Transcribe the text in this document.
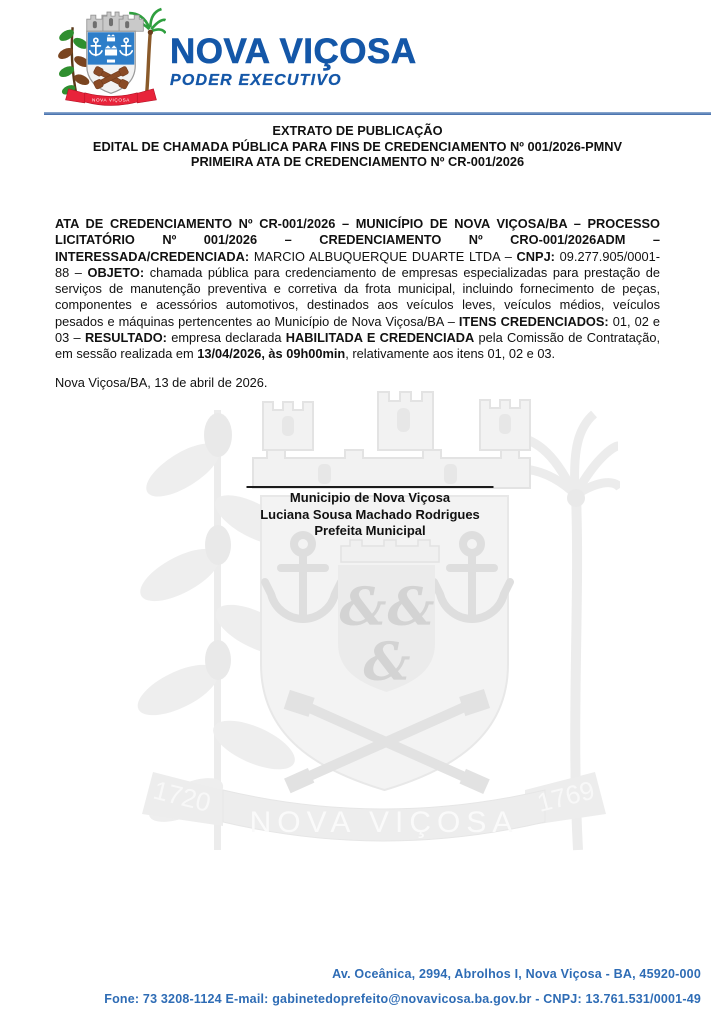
& &
&
NOVA VIÇOSA
1720	1769
NOVA VIÇOSA
NOVA VIÇOSA
PODER EXECUTIVO
EXTRATO DE PUBLICAÇÃO
EDITAL DE CHAMADA PÚBLICA PARA FINS DE CREDENCIAMENTO Nº 001/2026-PMNV
PRIMEIRA ATA DE CREDENCIAMENTO Nº CR-001/2026

ATA DE CREDENCIAMENTO Nº CR-001/2026 – MUNICÍPIO DE NOVA VIÇOSA/BA – PROCESSO LICITATÓRIO Nº 001/2026 – CREDENCIAMENTO Nº CRO-001/2026ADM – INTERESSADA/CREDENCIADA: MARCIO ALBUQUERQUE DUARTE LTDA – CNPJ: 09.277.905/0001-88 – OBJETO: chamada pública para credenciamento de empresas especializadas para prestação de serviços de manutenção preventiva e corretiva da frota municipal, incluindo fornecimento de peças, componentes e acessórios automotivos, destinados aos veículos leves, veículos médios, veículos pesados e máquinas pertencentes ao Município de Nova Viçosa/BA – ITENS CREDENCIADOS: 01, 02 e 03 – RESULTADO: empresa declarada HABILITADA E CREDENCIADA pela Comissão de Contratação, em sessão realizada em 13/04/2026, às 09h00min, relativamente aos itens 01, 02 e 03.

Nova Viçosa/BA, 13 de abril de 2026.

Municipio de Nova Viçosa
Luciana Sousa Machado Rodrigues
Prefeita Municipal
Av. Oceânica, 2994, Abrolhos I, Nova Viçosa - BA, 45920-000
Fone: 73 3208-1124 E-mail: gabinetedoprefeito@novavicosa.ba.gov.br - CNPJ: 13.761.531/0001-49
